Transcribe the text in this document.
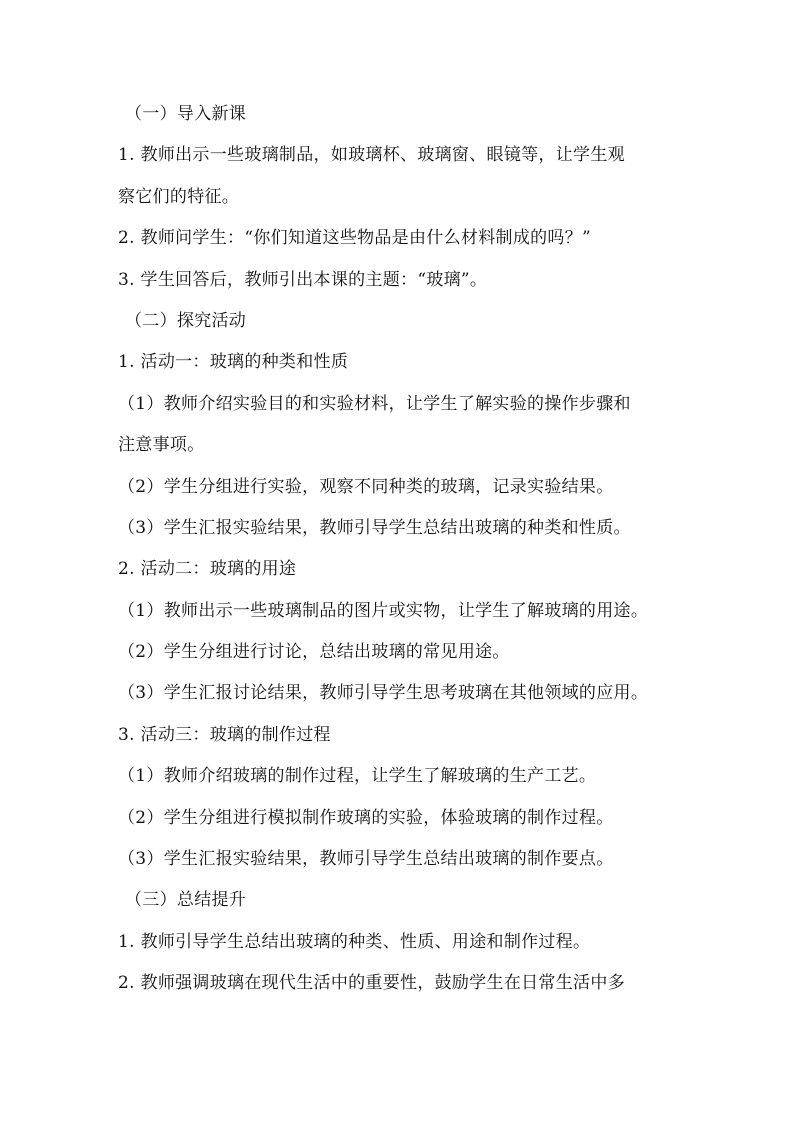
（一）导入新课

1. 教师出示一些玻璃制品，如玻璃杯、玻璃窗、眼镜等，让学生观

察它们的特征。

2. 教师问学生：“你们知道这些物品是由什么材料制成的吗？”

3. 学生回答后，教师引出本课的主题：“玻璃”。

（二）探究活动

1. 活动一：玻璃的种类和性质

（1）教师介绍实验目的和实验材料，让学生了解实验的操作步骤和

注意事项。

（2）学生分组进行实验，观察不同种类的玻璃，记录实验结果。

（3）学生汇报实验结果，教师引导学生总结出玻璃的种类和性质。

2. 活动二：玻璃的用途

（1）教师出示一些玻璃制品的图片或实物，让学生了解玻璃的用途。

（2）学生分组进行讨论，总结出玻璃的常见用途。

（3）学生汇报讨论结果，教师引导学生思考玻璃在其他领域的应用。

3. 活动三：玻璃的制作过程

（1）教师介绍玻璃的制作过程，让学生了解玻璃的生产工艺。

（2）学生分组进行模拟制作玻璃的实验，体验玻璃的制作过程。

（3）学生汇报实验结果，教师引导学生总结出玻璃的制作要点。

（三）总结提升

1. 教师引导学生总结出玻璃的种类、性质、用途和制作过程。

2. 教师强调玻璃在现代生活中的重要性，鼓励学生在日常生活中多
